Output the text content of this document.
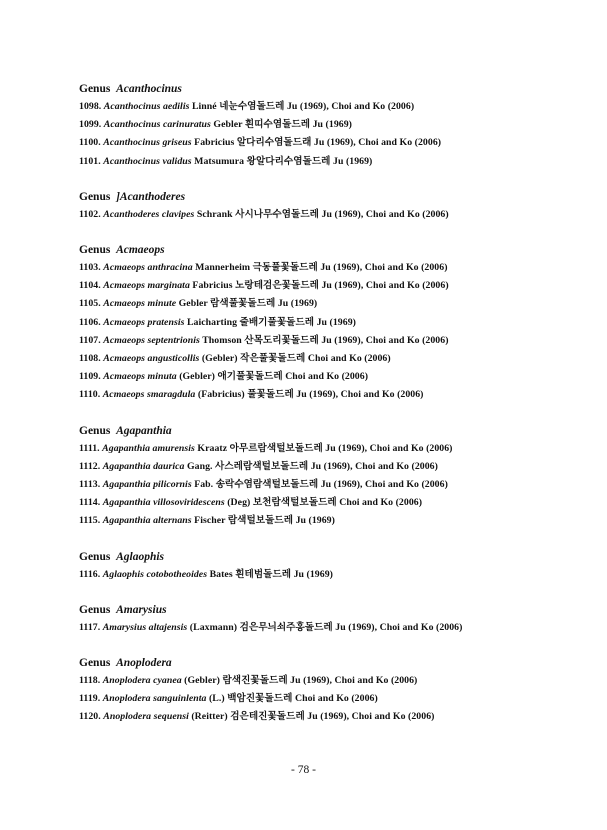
Genus Acanthocinus

1098. Acanthocinus aedilis Linné 네눈수염돌드레 Ju (1969), Choi and Ko (2006)

1099. Acanthocinus carinuratus Gebler 흰띠수염돌드레 Ju (1969)

1100. Acanthocinus griseus Fabricius 알다리수염돌드래 Ju (1969), Choi and Ko (2006)

1101. Acanthocinus validus Matsumura 왕알다리수염돌드레 Ju (1969)

Genus ]Acanthoderes

1102. Acanthoderes clavipes Schrank 사시나무수염돌드레 Ju (1969), Choi and Ko (2006)

Genus Acmaeops

1103. Acmaeops anthracina Mannerheim 극동풀꽃돌드레 Ju (1969), Choi and Ko (2006)

1104. Acmaeops marginata Fabricius 노랑테검은꽃돌드레 Ju (1969), Choi and Ko (2006)

1105. Acmaeops minute Gebler 람색풀꽃돌드레 Ju (1969)

1106. Acmaeops pratensis Laicharting 줄배기풀꽃돌드레 Ju (1969)

1107. Acmaeops septentrionis Thomson 산목도리꽃돌드레 Ju (1969), Choi and Ko (2006)

1108. Acmaeops angusticollis (Gebler) 작은풀꽃돌드레 Choi and Ko (2006)

1109. Acmaeops minuta (Gebler) 애기풀꽃돌드레 Choi and Ko (2006)

1110. Acmaeops smaragdula (Fabricius) 풀꽃돌드레 Ju (1969), Choi and Ko (2006)

Genus Agapanthia

1111. Agapanthia amurensis Kraatz 아무르람색털보돌드레 Ju (1969), Choi and Ko (2006)

1112. Agapanthia daurica Gang. 사스레람색털보돌드레 Ju (1969), Choi and Ko (2006)

1113. Agapanthia pilicornis Fab. 송락수염람색털보돌드레 Ju (1969), Choi and Ko (2006)

1114. Agapanthia villosoviridescens (Deg) 보천람색털보돌드레 Choi and Ko (2006)

1115. Agapanthia alternans Fischer 람색털보돌드레 Ju (1969)

Genus Aglaophis

1116. Aglaophis cotobotheoides Bates 흰테범돌드레 Ju (1969)

Genus Amarysius

1117. Amarysius altajensis (Laxmann) 검은무늬쇠주홍돌드레 Ju (1969), Choi and Ko (2006)

Genus Anoplodera

1118. Anoplodera cyanea (Gebler) 람색진꽃돌드레 Ju (1969), Choi and Ko (2006)

1119. Anoplodera sanguinlenta (L.) 백암진꽃돌드레 Choi and Ko (2006)

1120. Anoplodera sequensi (Reitter) 검은테진꽃돌드레 Ju (1969), Choi and Ko (2006)

- 78 -
